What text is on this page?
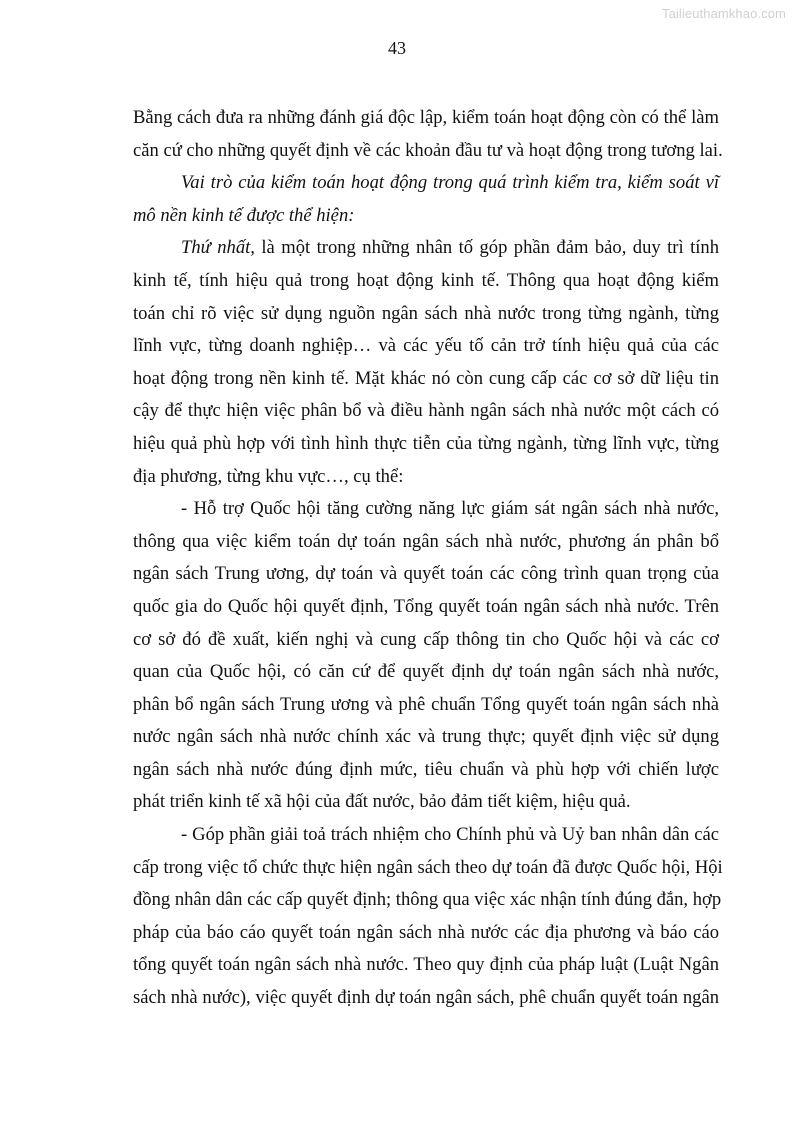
Tailieuthamkhao.com
43
Bằng cách đưa ra những đánh giá độc lập, kiểm toán hoạt động còn có thể làm
căn cứ cho những quyết định về các khoản đầu tư và hoạt động trong tương lai.
Vai trò của kiểm toán hoạt động trong quá trình kiểm tra, kiểm soát vĩ
mô nền kinh tế được thể hiện:
Thứ nhất, là một trong những nhân tố góp phần đảm bảo, duy trì tính
kinh tế, tính hiệu quả trong hoạt động kinh tế. Thông qua hoạt động kiểm
toán chỉ rõ việc sử dụng nguồn ngân sách nhà nước trong từng ngành, từng
lĩnh vực, từng doanh nghiệp… và các yếu tố cản trở tính hiệu quả của các
hoạt động trong nền kinh tế. Mặt khác nó còn cung cấp các cơ sở dữ liệu tin
cậy để thực hiện việc phân bổ và điều hành ngân sách nhà nước một cách có
hiệu quả phù hợp với tình hình thực tiễn của từng ngành, từng lĩnh vực, từng
địa phương, từng khu vực…, cụ thể:
- Hỗ trợ Quốc hội tăng cường năng lực giám sát ngân sách nhà nước,
thông qua việc kiểm toán dự toán ngân sách nhà nước, phương án phân bổ
ngân sách Trung ương, dự toán và quyết toán các công trình quan trọng của
quốc gia do Quốc hội quyết định, Tổng quyết toán ngân sách nhà nước. Trên
cơ sở đó đề xuất, kiến nghị và cung cấp thông tin cho Quốc hội và các cơ
quan của Quốc hội, có căn cứ để quyết định dự toán ngân sách nhà nước,
phân bổ ngân sách Trung ương và phê chuẩn Tổng quyết toán ngân sách nhà
nước ngân sách nhà nước chính xác và trung thực; quyết định việc sử dụng
ngân sách nhà nước đúng định mức, tiêu chuẩn và phù hợp với chiến lược
phát triển kinh tế xã hội của đất nước, bảo đảm tiết kiệm, hiệu quả.
- Góp phần giải toả trách nhiệm cho Chính phủ và Uỷ ban nhân dân các
cấp trong việc tổ chức thực hiện ngân sách theo dự toán đã được Quốc hội, Hội
đồng nhân dân các cấp quyết định; thông qua việc xác nhận tính đúng đắn, hợp
pháp của báo cáo quyết toán ngân sách nhà nước các địa phương và báo cáo
tổng quyết toán ngân sách nhà nước. Theo quy định của pháp luật (Luật Ngân
sách nhà nước), việc quyết định dự toán ngân sách, phê chuẩn quyết toán ngân
